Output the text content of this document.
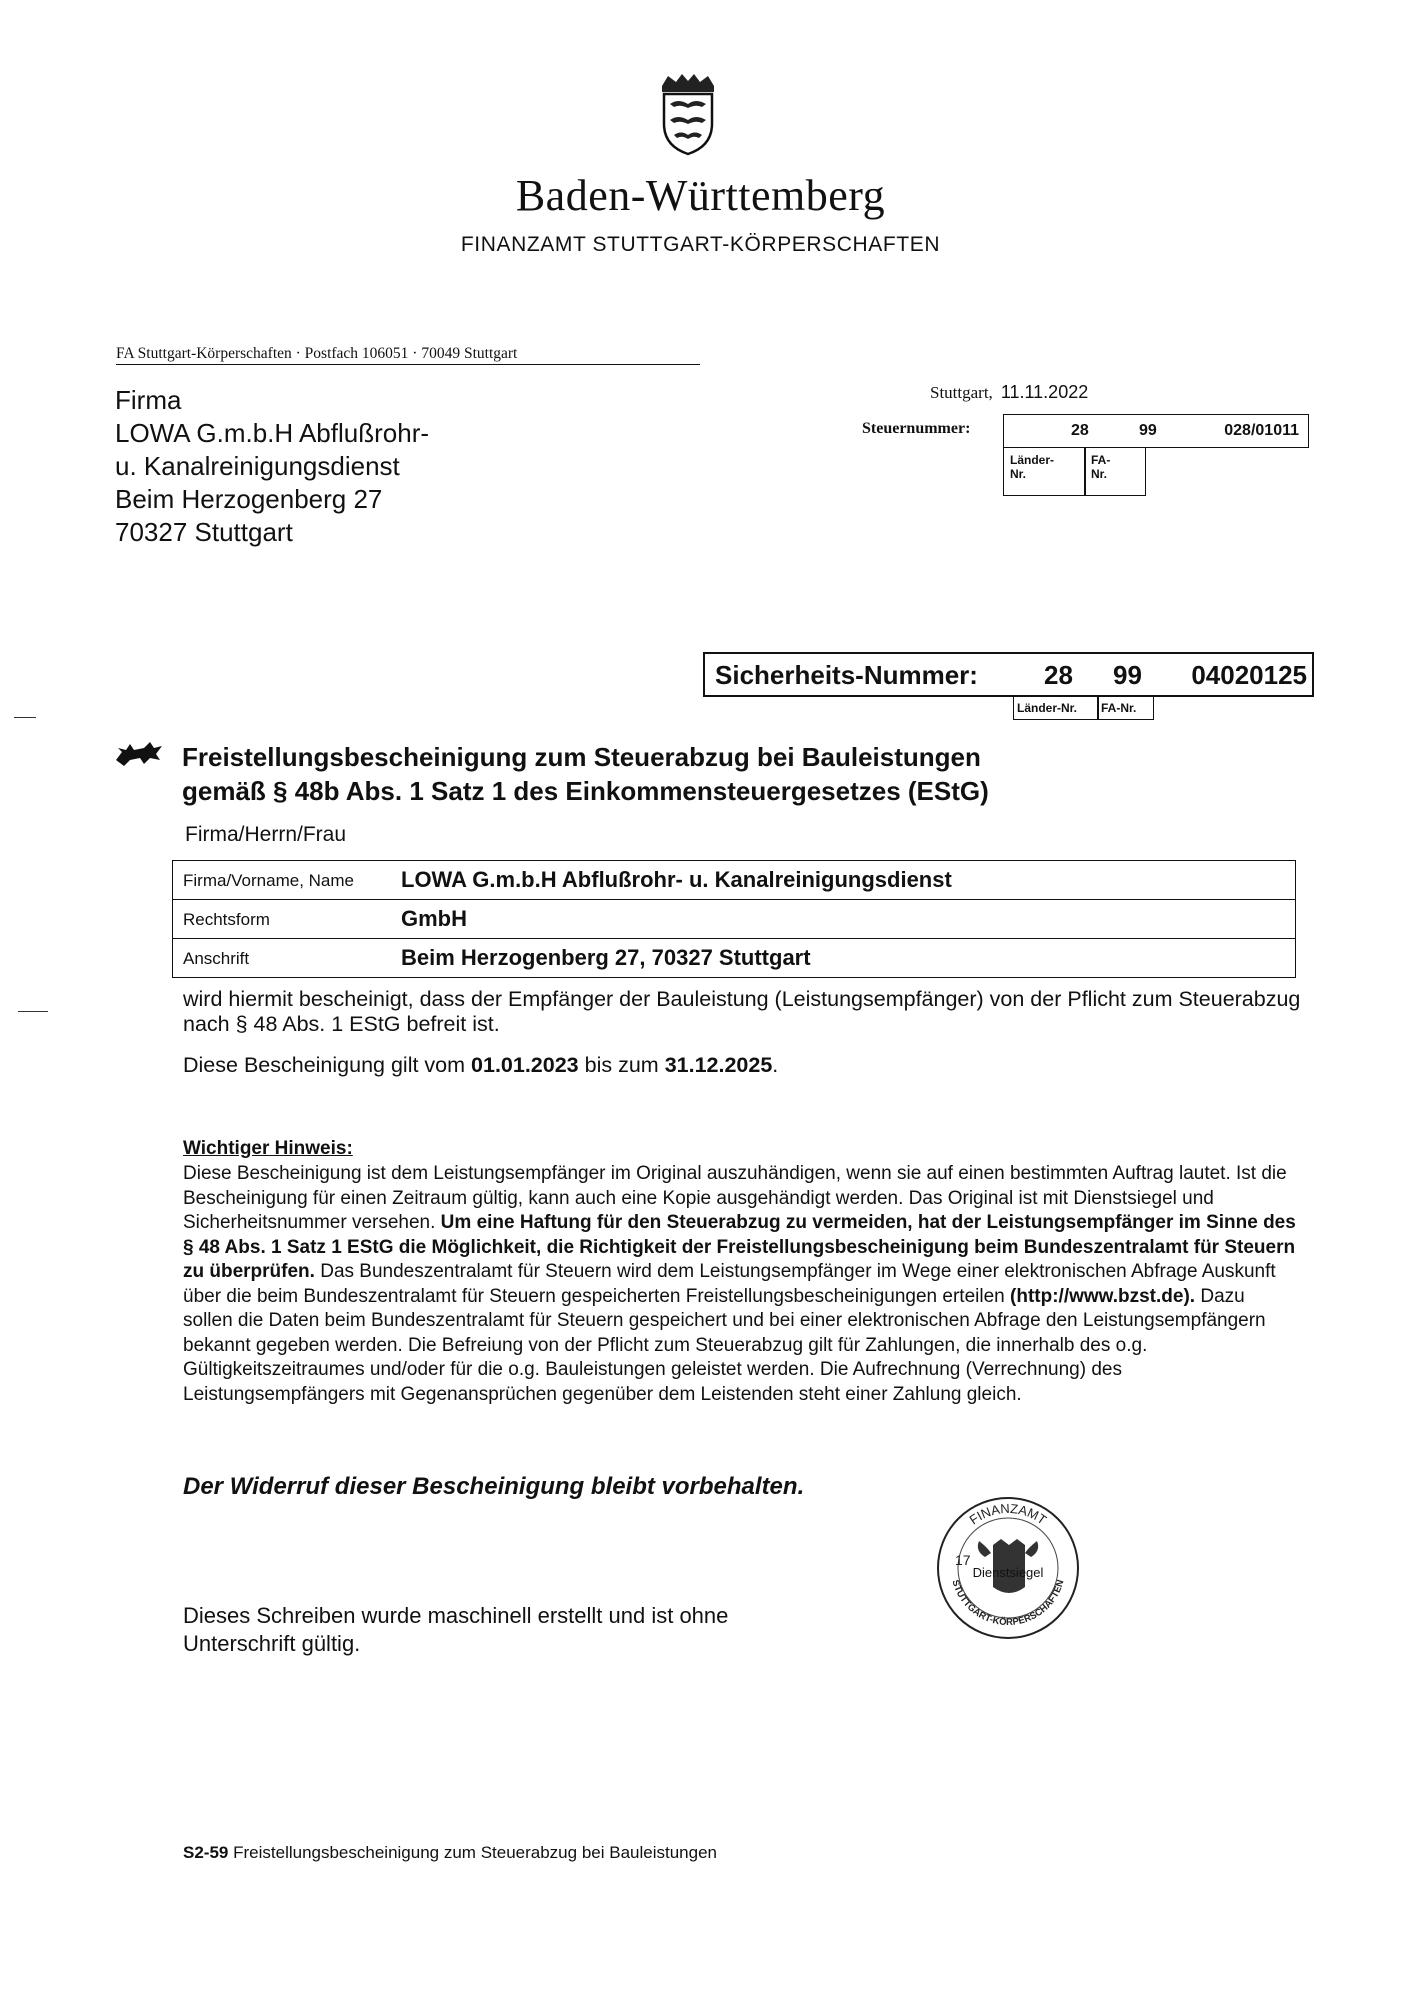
Baden-Württemberg
FINANZAMT STUTTGART-KÖRPERSCHAFTEN
FA Stuttgart-Körperschaften · Postfach 106051 · 70049 Stuttgart
Firma
LOWA G.m.b.H Abflußrohr-
u. Kanalreinigungsdienst
Beim Herzogenberg 27
70327 Stuttgart
Stuttgart, 11.11.2022
Steuernummer:	28	99	028/01011
Länder-
Nr.
FA-
Nr.
Sicherheits-Nummer:	28 99 04020125
Länder-Nr.	FA-Nr.
Freistellungsbescheinigung zum Steuerabzug bei Bauleistungen
gemäß § 48b Abs. 1 Satz 1 des Einkommensteuergesetzes (EStG)
Firma/Herrn/Frau
Firma/Vorname, Name LOWA G.m.b.H Abflußrohr- u. Kanalreinigungsdienst
Rechtsform	GmbH
Anschrift	Beim Herzogenberg 27, 70327 Stuttgart
wird hiermit bescheinigt, dass der Empfänger der Bauleistung (Leistungsempfänger) von der Pflicht zum Steuerabzug nach § 48 Abs. 1 EStG befreit ist.
Diese Bescheinigung gilt vom 01.01.2023 bis zum 31.12.2025.
Wichtiger Hinweis:
Diese Bescheinigung ist dem Leistungsempfänger im Original auszuhändigen, wenn sie auf einen bestimmten Auftrag lautet. Ist die Bescheinigung für einen Zeitraum gültig, kann auch eine Kopie ausgehändigt werden. Das Original ist mit Dienstsiegel und Sicherheitsnummer versehen. Um eine Haftung für den Steuerabzug zu vermeiden, hat der Leistungsempfänger im Sinne des § 48 Abs. 1 Satz 1 EStG die Möglichkeit, die Richtigkeit der Freistellungsbescheinigung beim Bundeszentralamt für Steuern zu überprüfen. Das Bundeszentralamt für Steuern wird dem Leistungsempfänger im Wege einer elektronischen Abfrage Auskunft über die beim Bundeszentralamt für Steuern gespeicherten Freistellungsbescheinigungen erteilen (http://www.bzst.de). Dazu sollen die Daten beim Bundeszentralamt für Steuern gespeichert und bei einer elektronischen Abfrage den Leistungsempfängern bekannt gegeben werden. Die Befreiung von der Pflicht zum Steuerabzug gilt für Zahlungen, die innerhalb des o.g. Gültigkeitszeitraumes und/oder für die o.g. Bauleistungen geleistet werden. Die Aufrechnung (Verrechnung) des Leistungsempfängers mit Gegenansprüchen gegenüber dem Leistenden steht einer Zahlung gleich.
Der Widerruf dieser Bescheinigung bleibt vorbehalten.
FINANZAMT
STUTTGART-KÖRPERSCHAFTEN
17
Dienstsiegel
Dieses Schreiben wurde maschinell erstellt und ist ohne Unterschrift gültig.
S2-59 Freistellungsbescheinigung zum Steuerabzug bei Bauleistungen
